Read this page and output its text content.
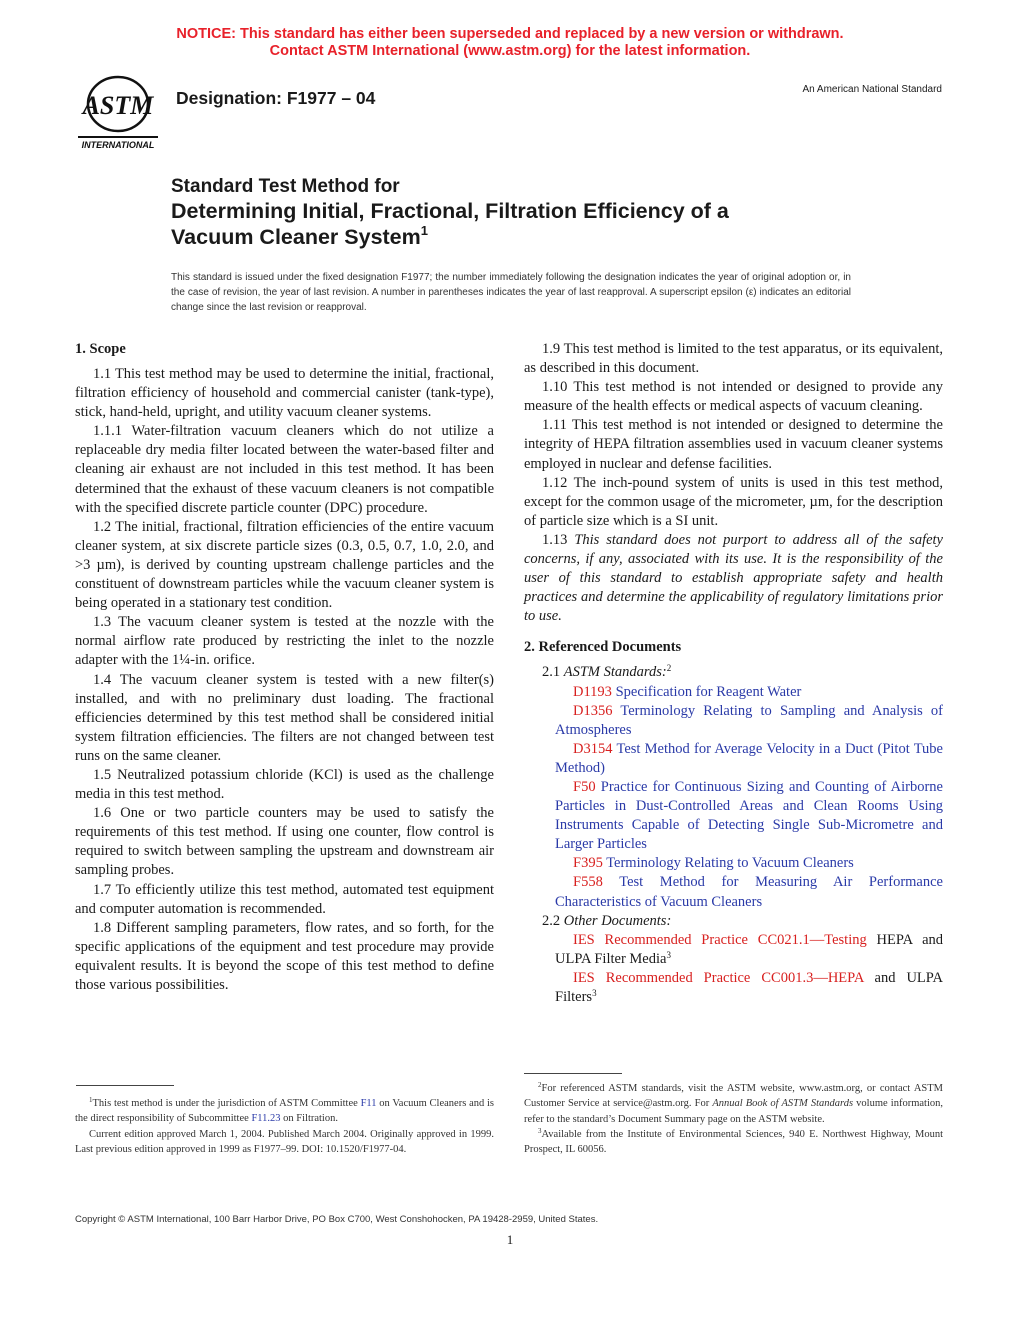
NOTICE: This standard has either been superseded and replaced by a new version or withdrawn.
Contact ASTM International (www.astm.org) for the latest information.
ASTM
INTERNATIONAL
Designation: F1977 – 04	An American National Standard
Standard Test Method for
Determining Initial, Fractional, Filtration Efficiency of a
Vacuum Cleaner System$^1$
This standard is issued under the fixed designation F1977; the number immediately following the designation indicates the year of original adoption or, in the case of revision, the year of last revision. A number in parentheses indicates the year of last reapproval. A superscript epsilon (ε) indicates an editorial change since the last revision or reapproval.
1. Scope

1.1 This test method may be used to determine the initial, fractional, filtration efficiency of household and commercial canister (tank-type), stick, hand-held, upright, and utility vacuum cleaner systems.

1.1.1 Water-filtration vacuum cleaners which do not utilize a replaceable dry media filter located between the water-based filter and cleaning air exhaust are not included in this test method. It has been determined that the exhaust of these vacuum cleaners is not compatible with the specified discrete particle counter (DPC) procedure.

1.2 The initial, fractional, filtration efficiencies of the entire vacuum cleaner system, at six discrete particle sizes (0.3, 0.5, 0.7, 1.0, 2.0, and >3 µm), is derived by counting upstream challenge particles and the constituent of downstream particles while the vacuum cleaner system is being operated in a stationary test condition.

1.3 The vacuum cleaner system is tested at the nozzle with the normal airflow rate produced by restricting the inlet to the nozzle adapter with the 1¼-in. orifice.

1.4 The vacuum cleaner system is tested with a new filter(s) installed, and with no preliminary dust loading. The fractional efficiencies determined by this test method shall be considered initial system filtration efficiencies. The filters are not changed between test runs on the same cleaner.

1.5 Neutralized potassium chloride (KCl) is used as the challenge media in this test method.

1.6 One or two particle counters may be used to satisfy the requirements of this test method. If using one counter, flow control is required to switch between sampling the upstream and downstream air sampling probes.

1.7 To efficiently utilize this test method, automated test equipment and computer automation is recommended.

1.8 Different sampling parameters, flow rates, and so forth, for the specific applications of the equipment and test procedure may provide equivalent results. It is beyond the scope of this test method to define those various possibilities.

1.9 This test method is limited to the test apparatus, or its equivalent, as described in this document.

1.10 This test method is not intended or designed to provide any measure of the health effects or medical aspects of vacuum cleaning.

1.11 This test method is not intended or designed to determine the integrity of HEPA filtration assemblies used in vacuum cleaner systems employed in nuclear and defense facilities.

1.12 The inch-pound system of units is used in this test method, except for the common usage of the micrometer, µm, for the description of particle size which is a SI unit.

1.13 This standard does not purport to address all of the safety concerns, if any, associated with its use. It is the responsibility of the user of this standard to establish appropriate safety and health practices and determine the applicability of regulatory limitations prior to use.

2. Referenced Documents

2.1 ASTM Standards:$^2$

D1193 Specification for Reagent Water

D1356 Terminology Relating to Sampling and Analysis of Atmospheres

D3154 Test Method for Average Velocity in a Duct (Pitot Tube Method)

F50 Practice for Continuous Sizing and Counting of Airborne Particles in Dust-Controlled Areas and Clean Rooms Using Instruments Capable of Detecting Single Sub-Micrometre and Larger Particles

F395 Terminology Relating to Vacuum Cleaners

F558 Test Method for Measuring Air Performance Characteristics of Vacuum Cleaners

2.2 Other Documents:

IES Recommended Practice CC021.1—Testing HEPA and ULPA Filter Media$^3$

IES Recommended Practice CC001.3—HEPA and ULPA Filters$^3$

$^1$This test method is under the jurisdiction of ASTM Committee F11 on Vacuum Cleaners and is the direct responsibility of Subcommittee F11.23 on Filtration.

Current edition approved March 1, 2004. Published March 2004. Originally approved in 1999. Last previous edition approved in 1999 as F1977–99. DOI: 10.1520/F1977-04.

$^2$For referenced ASTM standards, visit the ASTM website, www.astm.org, or contact ASTM Customer Service at service@astm.org. For Annual Book of ASTM Standards volume information, refer to the standard’s Document Summary page on the ASTM website.

$^3$Available from the Institute of Environmental Sciences, 940 E. Northwest Highway, Mount Prospect, IL 60056.

Copyright © ASTM International, 100 Barr Harbor Drive, PO Box C700, West Conshohocken, PA 19428-2959, United States.
1
